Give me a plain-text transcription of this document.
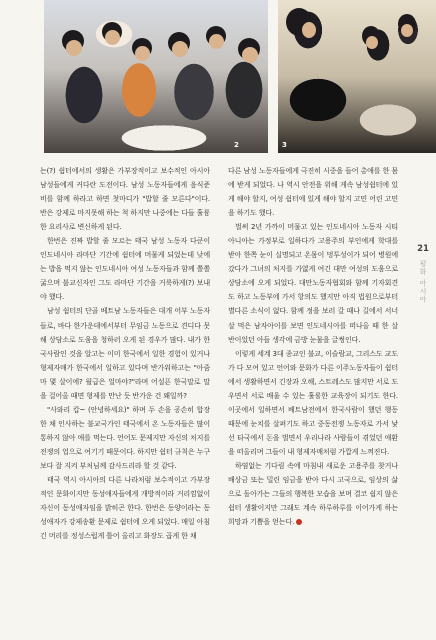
2	3

는(?) 쉼터에서의 생활은 가부장적이고 보수적인 아시아 남성들에게 커다란 도전이다. 남성 노동자들에게 음식준비를 함께 하라고 하면 첫마디가 "밥할 줄 모른다"이다. 반은 강제로 마지못해 하는 척 하지만 나중에는 다들 훌륭한 요리사로 변신하게 된다.

한번은 진짜 밥할 줄 모르는 태국 남성 노동자 다쿤이 인도네시아 라마단 기간에 쉼터에 머물게 되었는데 낮에는 밥을 먹지 않는 인도네시아 여성 노동자들과 함께 쫄쫄 굶으며 불교신자인 그도 라마단 기간을 거룩하게(?) 보내야 했다.

남성 쉼터의 단골 베트남 노동자들은 대개 어부 노동자들로, 바다 한가운데에서부터 무임금 노동으로 견디다 못해 상담소로 도움을 청하러 오게 된 경우가 많다. 내가 한국사람인 것을 알고는 이미 한국에서 일한 경험이 있거나 형제자매가 한국에서 일하고 있다며 반가워하고는 "아줌마 몇 살이에? 월급은 얼마야?"라며 어설픈 한국말로 말을 걸어올 때면 형제를 만난 듯 반가운 건 왜일까?

"사와리 캅~ (안녕하세요)" 하며 두 손을 공손히 합장한 채 인사하는 불교국가인 태국에서 온 노동자들은 많이 통하지 않아 애를 먹는다. 언어도 문제지만 자신의 처지를 전쟁의 업으로 여기기 때문이다. 하지만 쉼터 규칙은 누구보다 잘 지켜 부처님께 감사드리라 할 것 같다.

태국 역시 아시아의 다른 나라처럼 보수적이고 가부장적인 문화이지만 동성애자들에게 개방적이라 거리낌없이 자신이 동성애자임을 밝히곤 한다. 한번은 동양이라는 동성애자가 강제송환 문제로 쉼터에 오게 되었다. 매일 아침 긴 머리를 정성스럽게 틀어 올리고 화장도 곱게 한 채

다른 남성 노동자들에게 극진히 시중을 들어 총애를 한 몸에 받게 되었다. 나 역시 안전을 위해 게속 남성쉼터에 있게 해야 할지, 여성 쉼터에 있게 해야 할지 고민 어린 고민을 하기도 했다.

벌써 2년 가까이 머물고 있는 인도네시아 노동자 시티 아니아는 가정부로 일하다가 고용주의 부인에게 학대를 받아 한쪽 눈이 실명되고 온몸이 멍투성이가 되어 병원에 갔다가 그녀의 처지를 가엾게 여긴 대만 여성의 도움으로 상담소에 오게 되었다. 대만노동자협회와 함께 기자회견도 하고 노동부에 가서 항의도 했지만 아직 법원으로부터 별다른 소식이 없다. 함께 정을 보러 갈 때나 길에서 서너 살 먹은 남자아이를 보면 인도네시아를 떠나올 때 한 살 반이었던 아들 생각에 금방 눈물을 글썽인다.

이렇게 세계 3대 종교인 불교, 이슬람교, 그리스도 교도가 다 모여 있고 언어와 문화가 다른 이주노동자들이 쉼터에서 생활하면서 긴장과 오해, 스트레스도 많지만 서로 도우면서 서로 배울 수 있는 훌륭한 교육장이 되기도 한다. 이곳에서 일하면서 베트남전에서 한국사람이 했던 행동 때문에 눈치를 살펴기도 하고 중동전쟁 노동자로 가서 낯선 타국에서 돈을 벌면서 우리나라 사람들이 겪었던 애환을 떠올리며 그들이 내 형제자매처럼 가깝게 느껴진다.

하염없는 기다림 속에 마침내 새로운 고용주를 찾거나 배상금 또는 밀린 임금을 받아 다시 고국으로, 임상의 삶으로 돌아가는 그들의 행복한 모습을 보며 결코 쉽지 않은 쉼터 생활이지만 그래도 계속 하루하루를 이어가게 하는 희망과 기쁨을 얻는다.

21
평화 아시아
